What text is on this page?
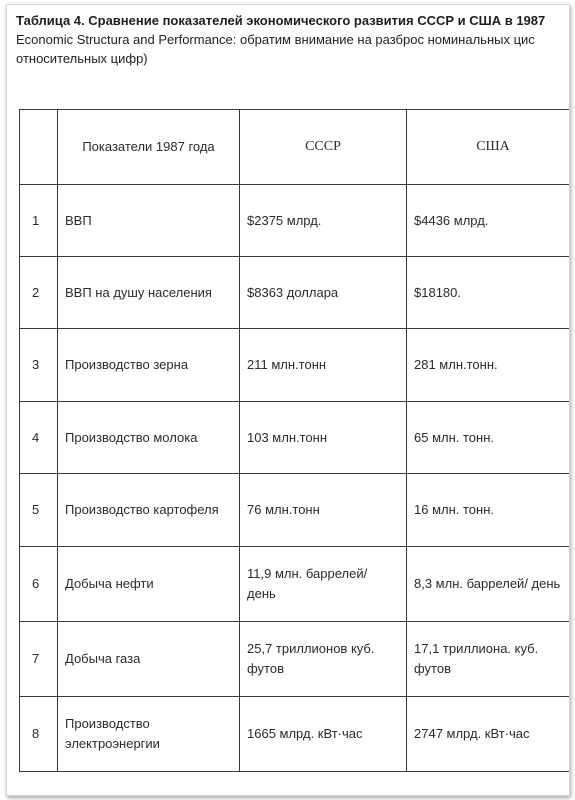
Таблица 4. Сравнение показателей экономического развития СССР и США в 1987
Economic Structura and Performance: обратим внимание на разброс номинальных цис
относительных цифр)
	Показатели 1987 года	СССР	США
1	ВВП	$2375 млрд.	$4436 млрд.
2	ВВП на душу населения	$8363 доллара	$18180.
3	Производство зерна	211 млн.тонн	281 млн.тонн.
4	Производство молока	103 млн.тонн	65 млн. тонн.
5	Производство картофеля	76 млн.тонн	16 млн. тонн.
6	Добыча нефти	11,9 млн. баррелей/ день	8,3 млн. баррелей/ день
7	Добыча газа	25,7 триллионов куб. футов	17,1 триллиона. куб. футов
8	Производство электроэнергии	1665 млрд. кВт·час	2747 млрд. кВт·час
